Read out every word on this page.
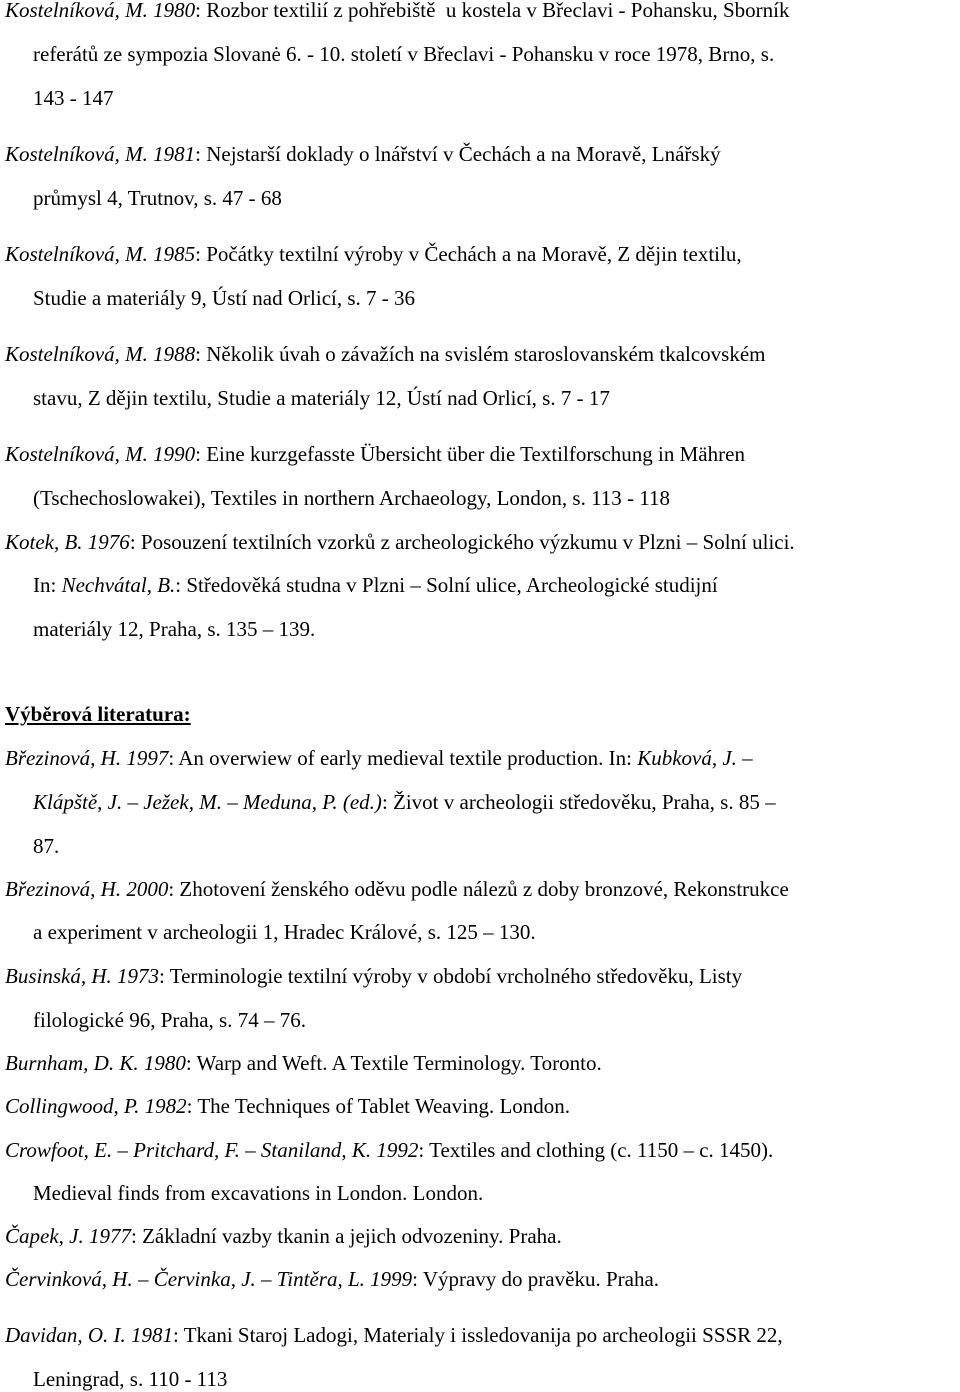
Kostelníková, M. 1980: Rozbor textilií z pohřebiště  u kostela v Břeclavi - Pohansku, Sborník
referátů ze sympozia Slovanė 6. - 10. století v Břeclavi - Pohansku v roce 1978, Brno, s.
143 - 147
Kostelníková, M. 1981: Nejstarší doklady o lnářství v Čechách a na Moravě, Lnářský
průmysl 4, Trutnov, s. 47 - 68
Kostelníková, M. 1985: Počátky textilní výroby v Čechách a na Moravě, Z dějin textilu,
Studie a materiály 9, Ústí nad Orlicí, s. 7 - 36
Kostelníková, M. 1988: Několik úvah o závažích na svislém staroslovanském tkalcovském
stavu, Z dějin textilu, Studie a materiály 12, Ústí nad Orlicí, s. 7 - 17
Kostelníková, M. 1990: Eine kurzgefasste Übersicht über die Textilforschung in Mähren
(Tschechoslowakei), Textiles in northern Archaeology, London, s. 113 - 118
Kotek, B. 1976: Posouzení textilních vzorků z archeologického výzkumu v Plzni – Solní ulici.
In: Nechvátal, B.: Středověká studna v Plzni – Solní ulice, Archeologické studijní
materiály 12, Praha, s. 135 – 139.
Výběrová literatura:
Březinová, H. 1997: An overwiew of early medieval textile production. In: Kubková, J. –
Klápště, J. – Ježek, M. – Meduna, P. (ed.): Život v archeologii středověku, Praha, s. 85 –
87.
Březinová, H. 2000: Zhotovení ženského oděvu podle nálezů z doby bronzové, Rekonstrukce
a experiment v archeologii 1, Hradec Králové, s. 125 – 130.
Businská, H. 1973: Terminologie textilní výroby v období vrcholného středověku, Listy
filologické 96, Praha, s. 74 – 76.
Burnham, D. K. 1980: Warp and Weft. A Textile Terminology. Toronto.
Collingwood, P. 1982: The Techniques of Tablet Weaving. London.
Crowfoot, E. – Pritchard, F. – Staniland, K. 1992: Textiles and clothing (c. 1150 – c. 1450).
Medieval finds from excavations in London. London.
Čapek, J. 1977: Základní vazby tkanin a jejich odvozeniny. Praha.
Červinková, H. – Červinka, J. – Tintěra, L. 1999: Výpravy do pravěku. Praha.
Davidan, O. I. 1981: Tkani Staroj Ladogi, Materialy i issledovanija po archeologii SSSR 22,
Leningrad, s. 110 - 113
